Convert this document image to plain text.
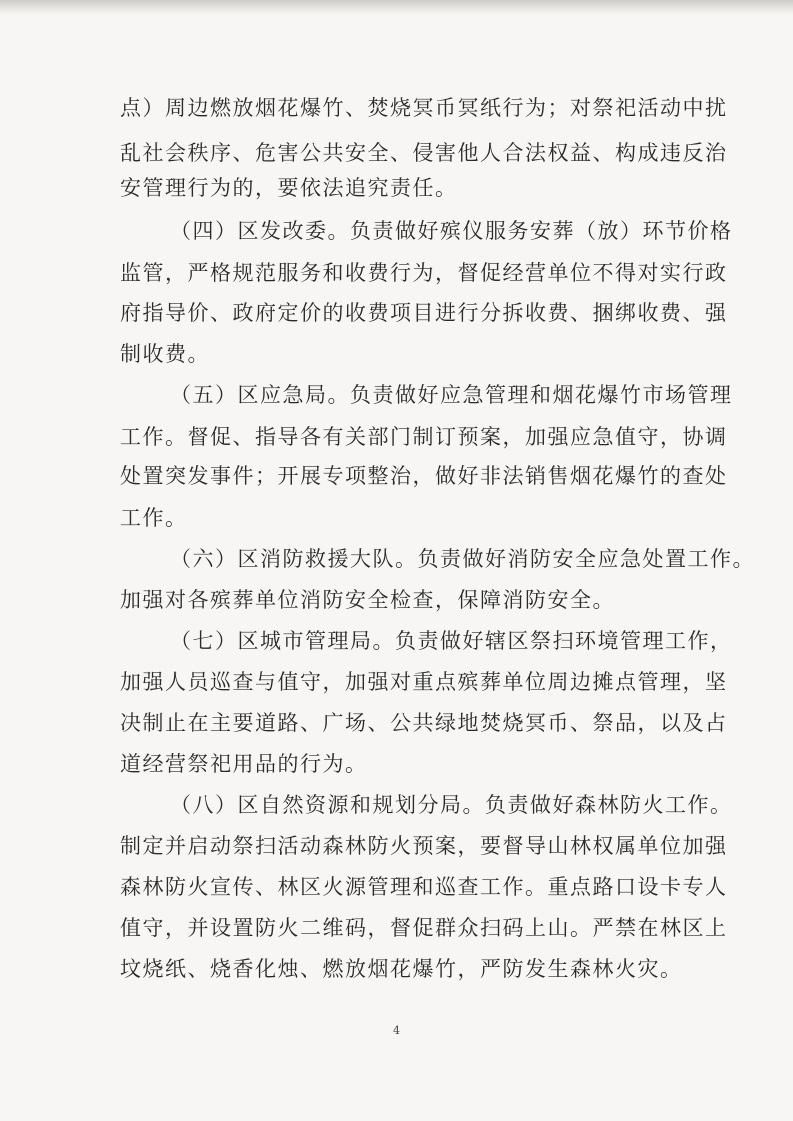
点）周边燃放烟花爆竹、焚烧冥币冥纸行为；对祭祀活动中扰
乱社会秩序、危害公共安全、侵害他人合法权益、构成违反治
安管理行为的，要依法追究责任。
（四）区发改委。负责做好殡仪服务安葬（放）环节价格
监管，严格规范服务和收费行为，督促经营单位不得对实行政
府指导价、政府定价的收费项目进行分拆收费、捆绑收费、强
制收费。
（五）区应急局。负责做好应急管理和烟花爆竹市场管理
工作。督促、指导各有关部门制订预案，加强应急值守，协调
处置突发事件；开展专项整治，做好非法销售烟花爆竹的查处
工作。
（六）区消防救援大队。负责做好消防安全应急处置工作。
加强对各殡葬单位消防安全检查，保障消防安全。
（七）区城市管理局。负责做好辖区祭扫环境管理工作，
加强人员巡查与值守，加强对重点殡葬单位周边摊点管理，坚
决制止在主要道路、广场、公共绿地焚烧冥币、祭品，以及占
道经营祭祀用品的行为。
（八）区自然资源和规划分局。负责做好森林防火工作。
制定并启动祭扫活动森林防火预案，要督导山林权属单位加强
森林防火宣传、林区火源管理和巡查工作。重点路口设卡专人
值守，并设置防火二维码，督促群众扫码上山。严禁在林区上
坟烧纸、烧香化烛、燃放烟花爆竹，严防发生森林火灾。
4
